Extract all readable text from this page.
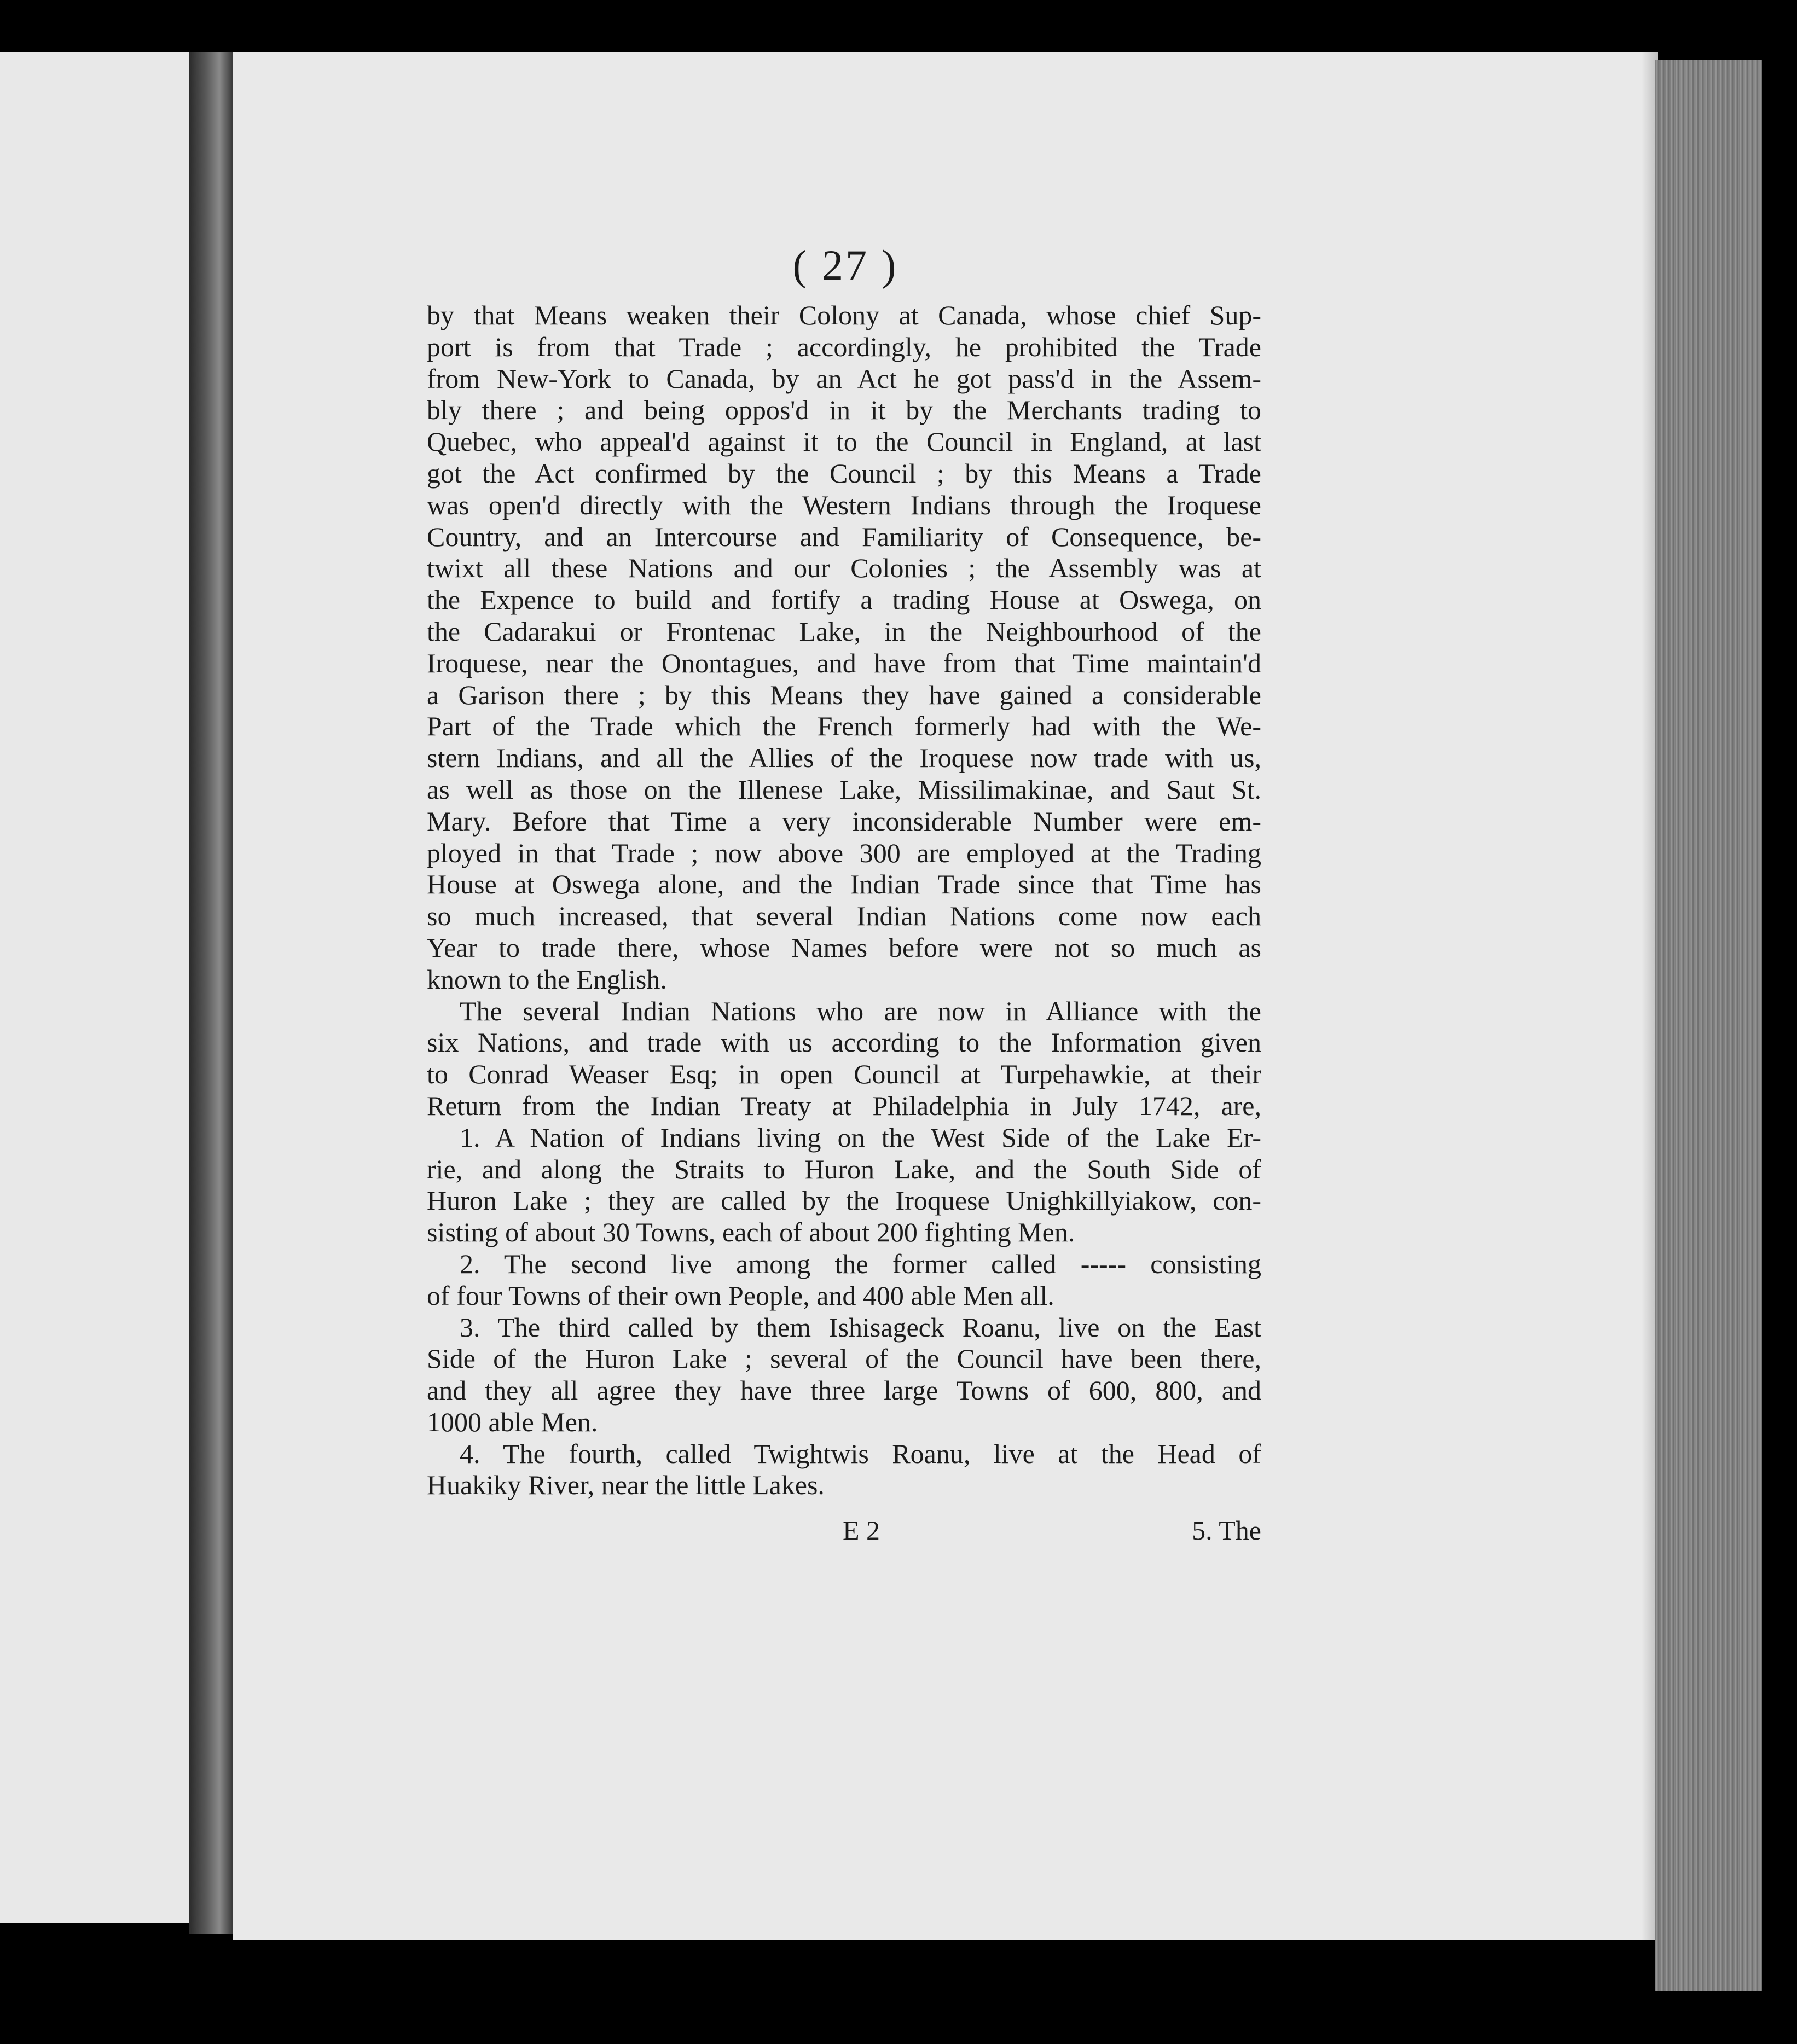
( 27 )
by that Means weaken their Colony at Canada, whose chief Sup-
port is from that Trade ; accordingly, he prohibited the Trade
from New-York to Canada, by an Act he got pass'd in the Assem-
bly there ; and being oppos'd in it by the Merchants trading to
Quebec, who appeal'd against it to the Council in England, at last
got the Act confirmed by the Council ; by this Means a Trade
was open'd directly with the Western Indians through the Iroquese
Country, and an Intercourse and Familiarity of Consequence, be-
twixt all these Nations and our Colonies ; the Assembly was at
the Expence to build and fortify a trading House at Oswega, on
the Cadarakui or Frontenac Lake, in the Neighbourhood of the
Iroquese, near the Onontagues, and have from that Time maintain'd
a Garison there ; by this Means they have gained a considerable
Part of the Trade which the French formerly had with the We-
stern Indians, and all the Allies of the Iroquese now trade with us,
as well as those on the Illenese Lake, Missilimakinae, and Saut St.
Mary. Before that Time a very inconsiderable Number were em-
ployed in that Trade ; now above 300 are employed at the Trading
House at Oswega alone, and the Indian Trade since that Time has
so much increased, that several Indian Nations come now each
Year to trade there, whose Names before were not so much as
known to the English.
The several Indian Nations who are now in Alliance with the
six Nations, and trade with us according to the Information given
to Conrad Weaser Esq; in open Council at Turpehawkie, at their
Return from the Indian Treaty at Philadelphia in July 1742, are,
1. A Nation of Indians living on the West Side of the Lake Er-
rie, and along the Straits to Huron Lake, and the South Side of
Huron Lake ; they are called by the Iroquese Unighkillyiakow, con-
sisting of about 30 Towns, each of about 200 fighting Men.
2. The second live among the former called ----- consisting
of four Towns of their own People, and 400 able Men all.
3. The third called by them Ishisageck Roanu, live on the East
Side of the Huron Lake ; several of the Council have been there,
and they all agree they have three large Towns of 600, 800, and
1000 able Men.
4. The fourth, called Twightwis Roanu, live at the Head of
Huakiky River, near the little Lakes.
E 2	5. The
